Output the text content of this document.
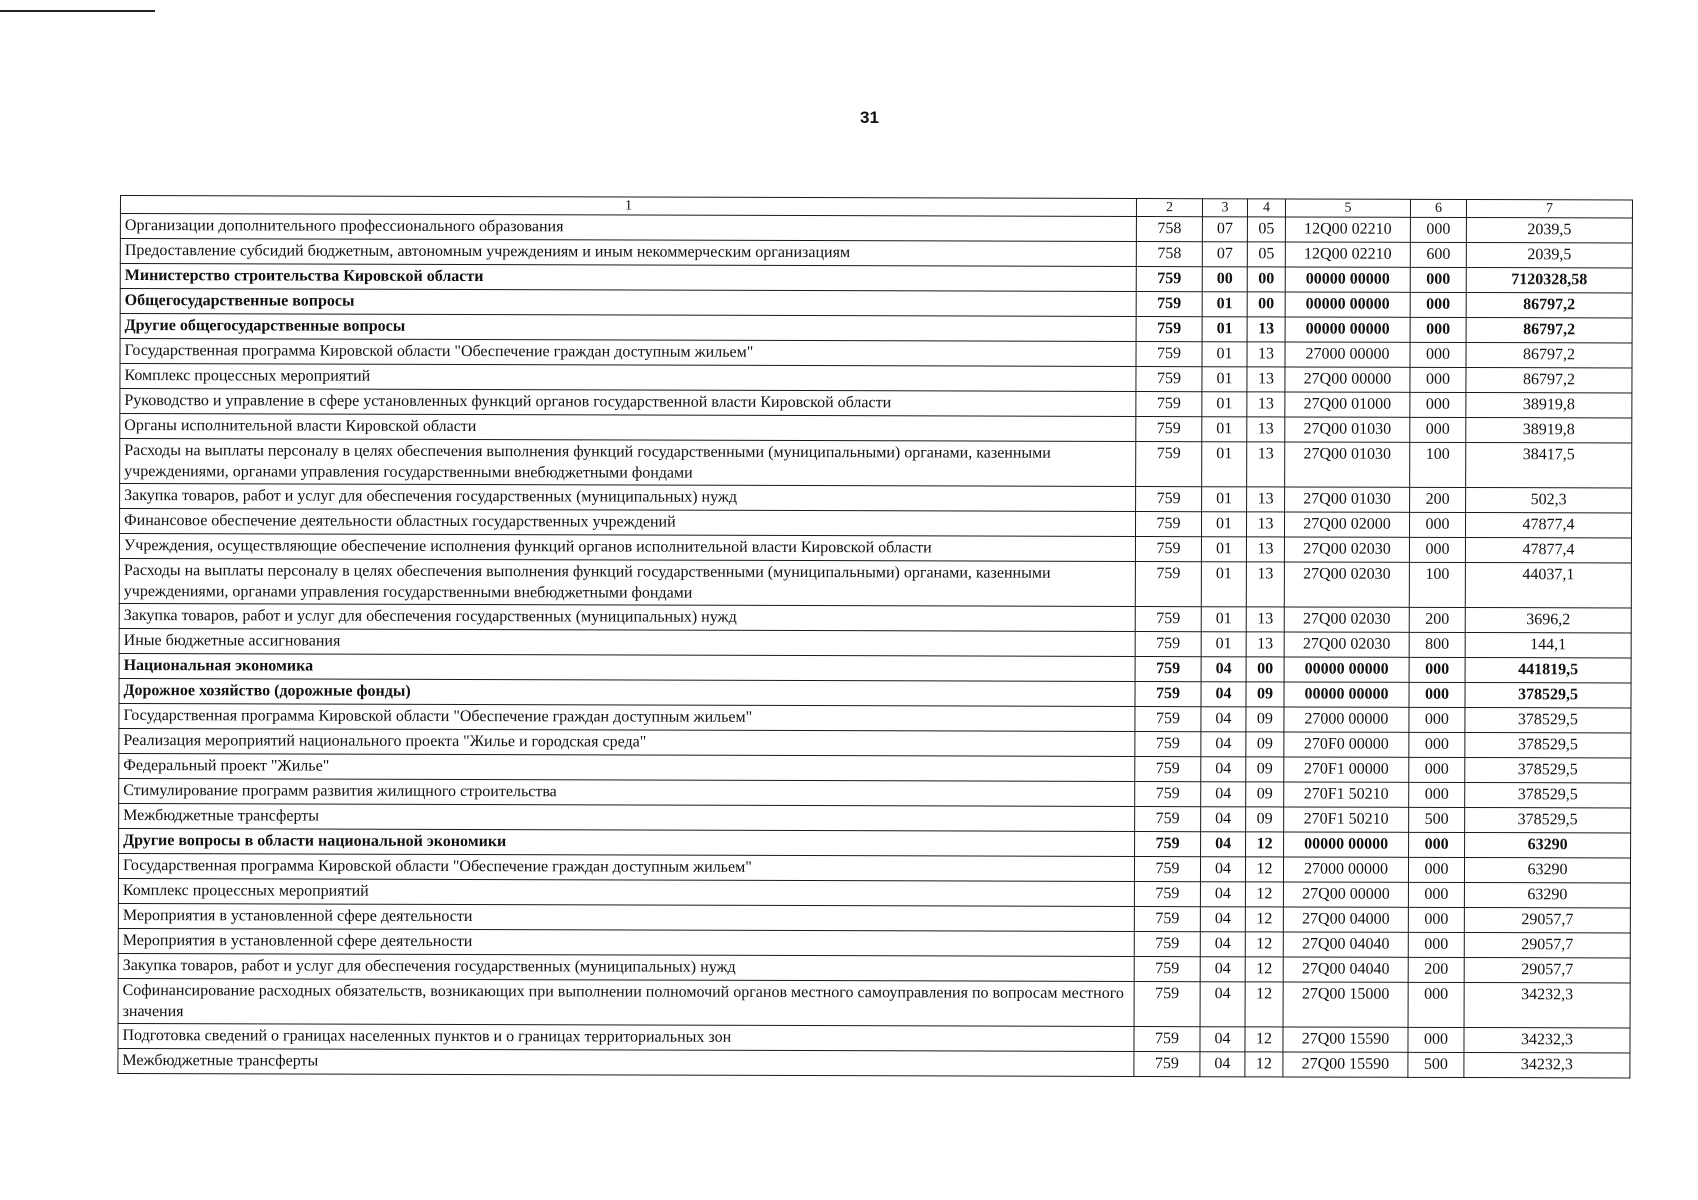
31
1	2	3	4	5	6	7
Организации дополнительного профессионального образования	758	07	05	12Q00 02210	000	2039,5
Предоставление субсидий бюджетным, автономным учреждениям и иным некоммерческим организациям	758	07	05	12Q00 02210	600	2039,5
Министерство строительства Кировской области	759	00	00	00000 00000	000	7120328,58
Общегосударственные вопросы	759	01	00	00000 00000	000	86797,2
Другие общегосударственные вопросы	759	01	13	00000 00000	000	86797,2
Государственная программа Кировской области "Обеспечение граждан доступным жильем"	759	01	13	27000 00000	000	86797,2
Комплекс процессных мероприятий	759	01	13	27Q00 00000	000	86797,2
Руководство и управление в сфере установленных функций органов государственной власти Кировской области	759	01	13	27Q00 01000	000	38919,8
Органы исполнительной власти Кировской области	759	01	13	27Q00 01030	000	38919,8
Расходы на выплаты персоналу в целях обеспечения выполнения функций государственными (муниципальными) органами, казенными учреждениями, органами управления государственными внебюджетными фондами	759	01	13	27Q00 01030	100	38417,5
Закупка товаров, работ и услуг для обеспечения государственных (муниципальных) нужд	759	01	13	27Q00 01030	200	502,3
Финансовое обеспечение деятельности областных государственных учреждений	759	01	13	27Q00 02000	000	47877,4
Учреждения, осуществляющие обеспечение исполнения функций органов исполнительной власти Кировской области	759	01	13	27Q00 02030	000	47877,4
Расходы на выплаты персоналу в целях обеспечения выполнения функций государственными (муниципальными) органами, казенными учреждениями, органами управления государственными внебюджетными фондами	759	01	13	27Q00 02030	100	44037,1
Закупка товаров, работ и услуг для обеспечения государственных (муниципальных) нужд	759	01	13	27Q00 02030	200	3696,2
Иные бюджетные ассигнования	759	01	13	27Q00 02030	800	144,1
Национальная экономика	759	04	00	00000 00000	000	441819,5
Дорожное хозяйство (дорожные фонды)	759	04	09	00000 00000	000	378529,5
Государственная программа Кировской области "Обеспечение граждан доступным жильем"	759	04	09	27000 00000	000	378529,5
Реализация мероприятий национального проекта "Жилье и городская среда"	759	04	09	270F0 00000	000	378529,5
Федеральный проект "Жилье"	759	04	09	270F1 00000	000	378529,5
Стимулирование программ развития жилищного строительства	759	04	09	270F1 50210	000	378529,5
Межбюджетные трансферты	759	04	09	270F1 50210	500	378529,5
Другие вопросы в области национальной экономики	759	04	12	00000 00000	000	63290
Государственная программа Кировской области "Обеспечение граждан доступным жильем"	759	04	12	27000 00000	000	63290
Комплекс процессных мероприятий	759	04	12	27Q00 00000	000	63290
Мероприятия в установленной сфере деятельности	759	04	12	27Q00 04000	000	29057,7
Мероприятия в установленной сфере деятельности	759	04	12	27Q00 04040	000	29057,7
Закупка товаров, работ и услуг для обеспечения государственных (муниципальных) нужд	759	04	12	27Q00 04040	200	29057,7
Софинансирование расходных обязательств, возникающих при выполнении полномочий органов местного самоуправления по вопросам местного значения	759	04	12	27Q00 15000	000	34232,3
Подготовка сведений о границах населенных пунктов и о границах территориальных зон	759	04	12	27Q00 15590	000	34232,3
Межбюджетные трансферты	759	04	12	27Q00 15590	500	34232,3
